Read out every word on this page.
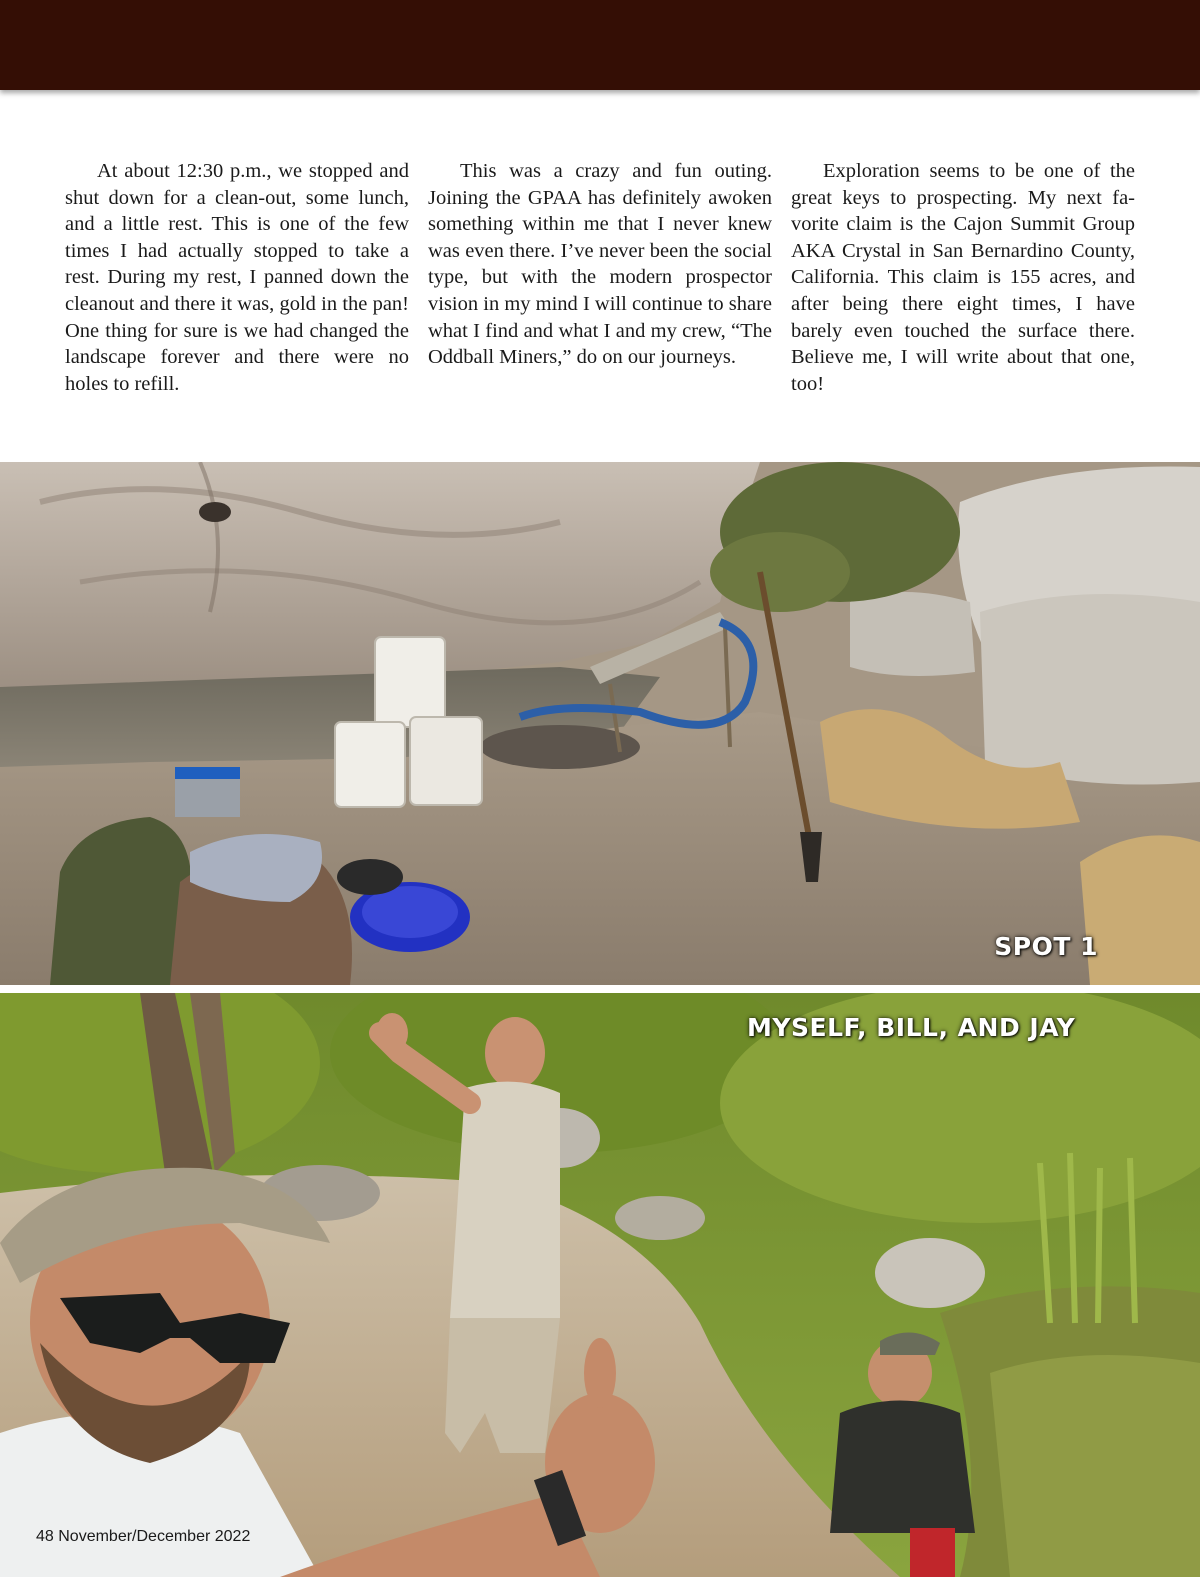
At about 12:30 p.m., we stopped and shut down for a clean-out, some lunch, and a little rest. This is one of the few times I had actually stopped to take a rest. During my rest, I panned down the cleanout and there it was, gold in the pan! One thing for sure is we had changed the landscape forever and there were no holes to refill.

This was a crazy and fun outing. Joining the GPAA has definitely awoken something within me that I never knew was even there. I’ve never been the social type, but with the modern prospector vision in my mind I will continue to share what I find and what I and my crew, “The Oddball Miners,” do on our journeys.

Exploration seems to be one of the great keys to prospecting. My next favorite claim is the Cajon Summit Group AKA Crystal in San Bernardino County, California. This claim is 155 acres, and after being there eight times, I have barely even touched the surface there. Believe me, I will write about that one, too!

SPOT 1
MYSELF, BILL, AND JAY
48 November/December 2022
